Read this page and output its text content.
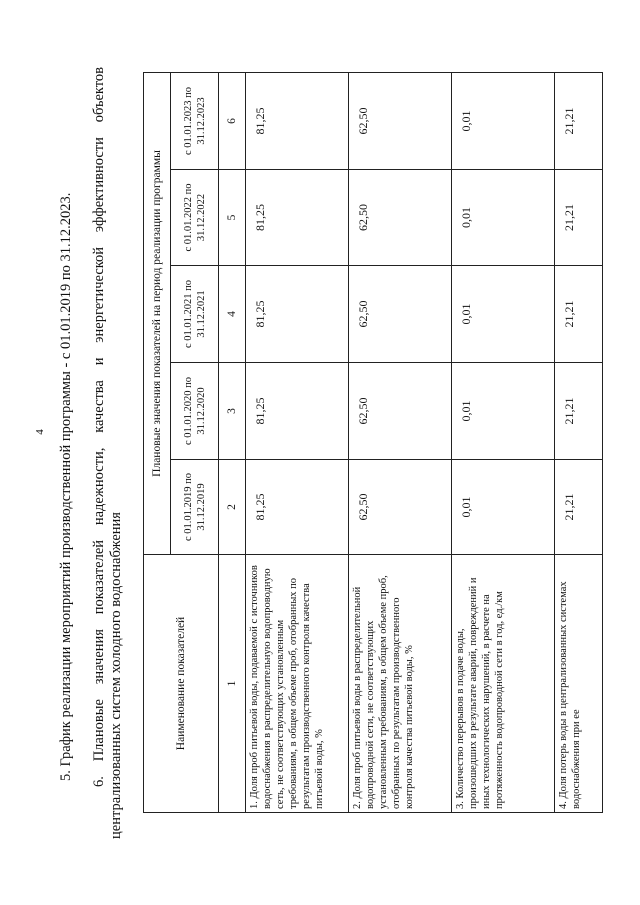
4 5. График реализации мероприятий производственной программы - с 01.01.2019 по 31.12.2023. 6. Плановые значения показателей надежности, качества и энергетической эффективности объектов централизованных систем холодного водоснабжения	Наименование показателей	Плановые значения показателей на период реализации программы				
	с 01.01.2019 по 31.12.2019	с 01.01.2020 по 31.12.2020	с 01.01.2021 по 31.12.2021	с 01.01.2022 по 31.12.2022	с 01.01.2023 по 31.12.2023
1	2	3	4	5	6
1. Доля проб питьевой воды, подаваемой с источников водоснабжения в распределительную водопроводную сеть, не соответствующих установленным требованиям, в общем объеме проб, отобранных по результатам производственного контроля качества питьевой воды, %	81,25	81,25	81,25	81,25	81,25
2. Доля проб питьевой воды в распределительной водопроводной сети, не соответствующих установленным требованиям, в общем объеме проб, отобранных по результатам производственного контроля качества питьевой воды, %	62,50	62,50	62,50	62,50	62,50
3. Количество перерывов в подаче воды, произошедших в результате аварий, повреждений и иных технологических нарушений, в расчете на протяженность водопроводной сети в год, ед./км	0,01	0,01	0,01	0,01	0,01
4. Доля потерь воды в централизованных системах водоснабжения при ее	21,21	21,21	21,21	21,21	21,21
